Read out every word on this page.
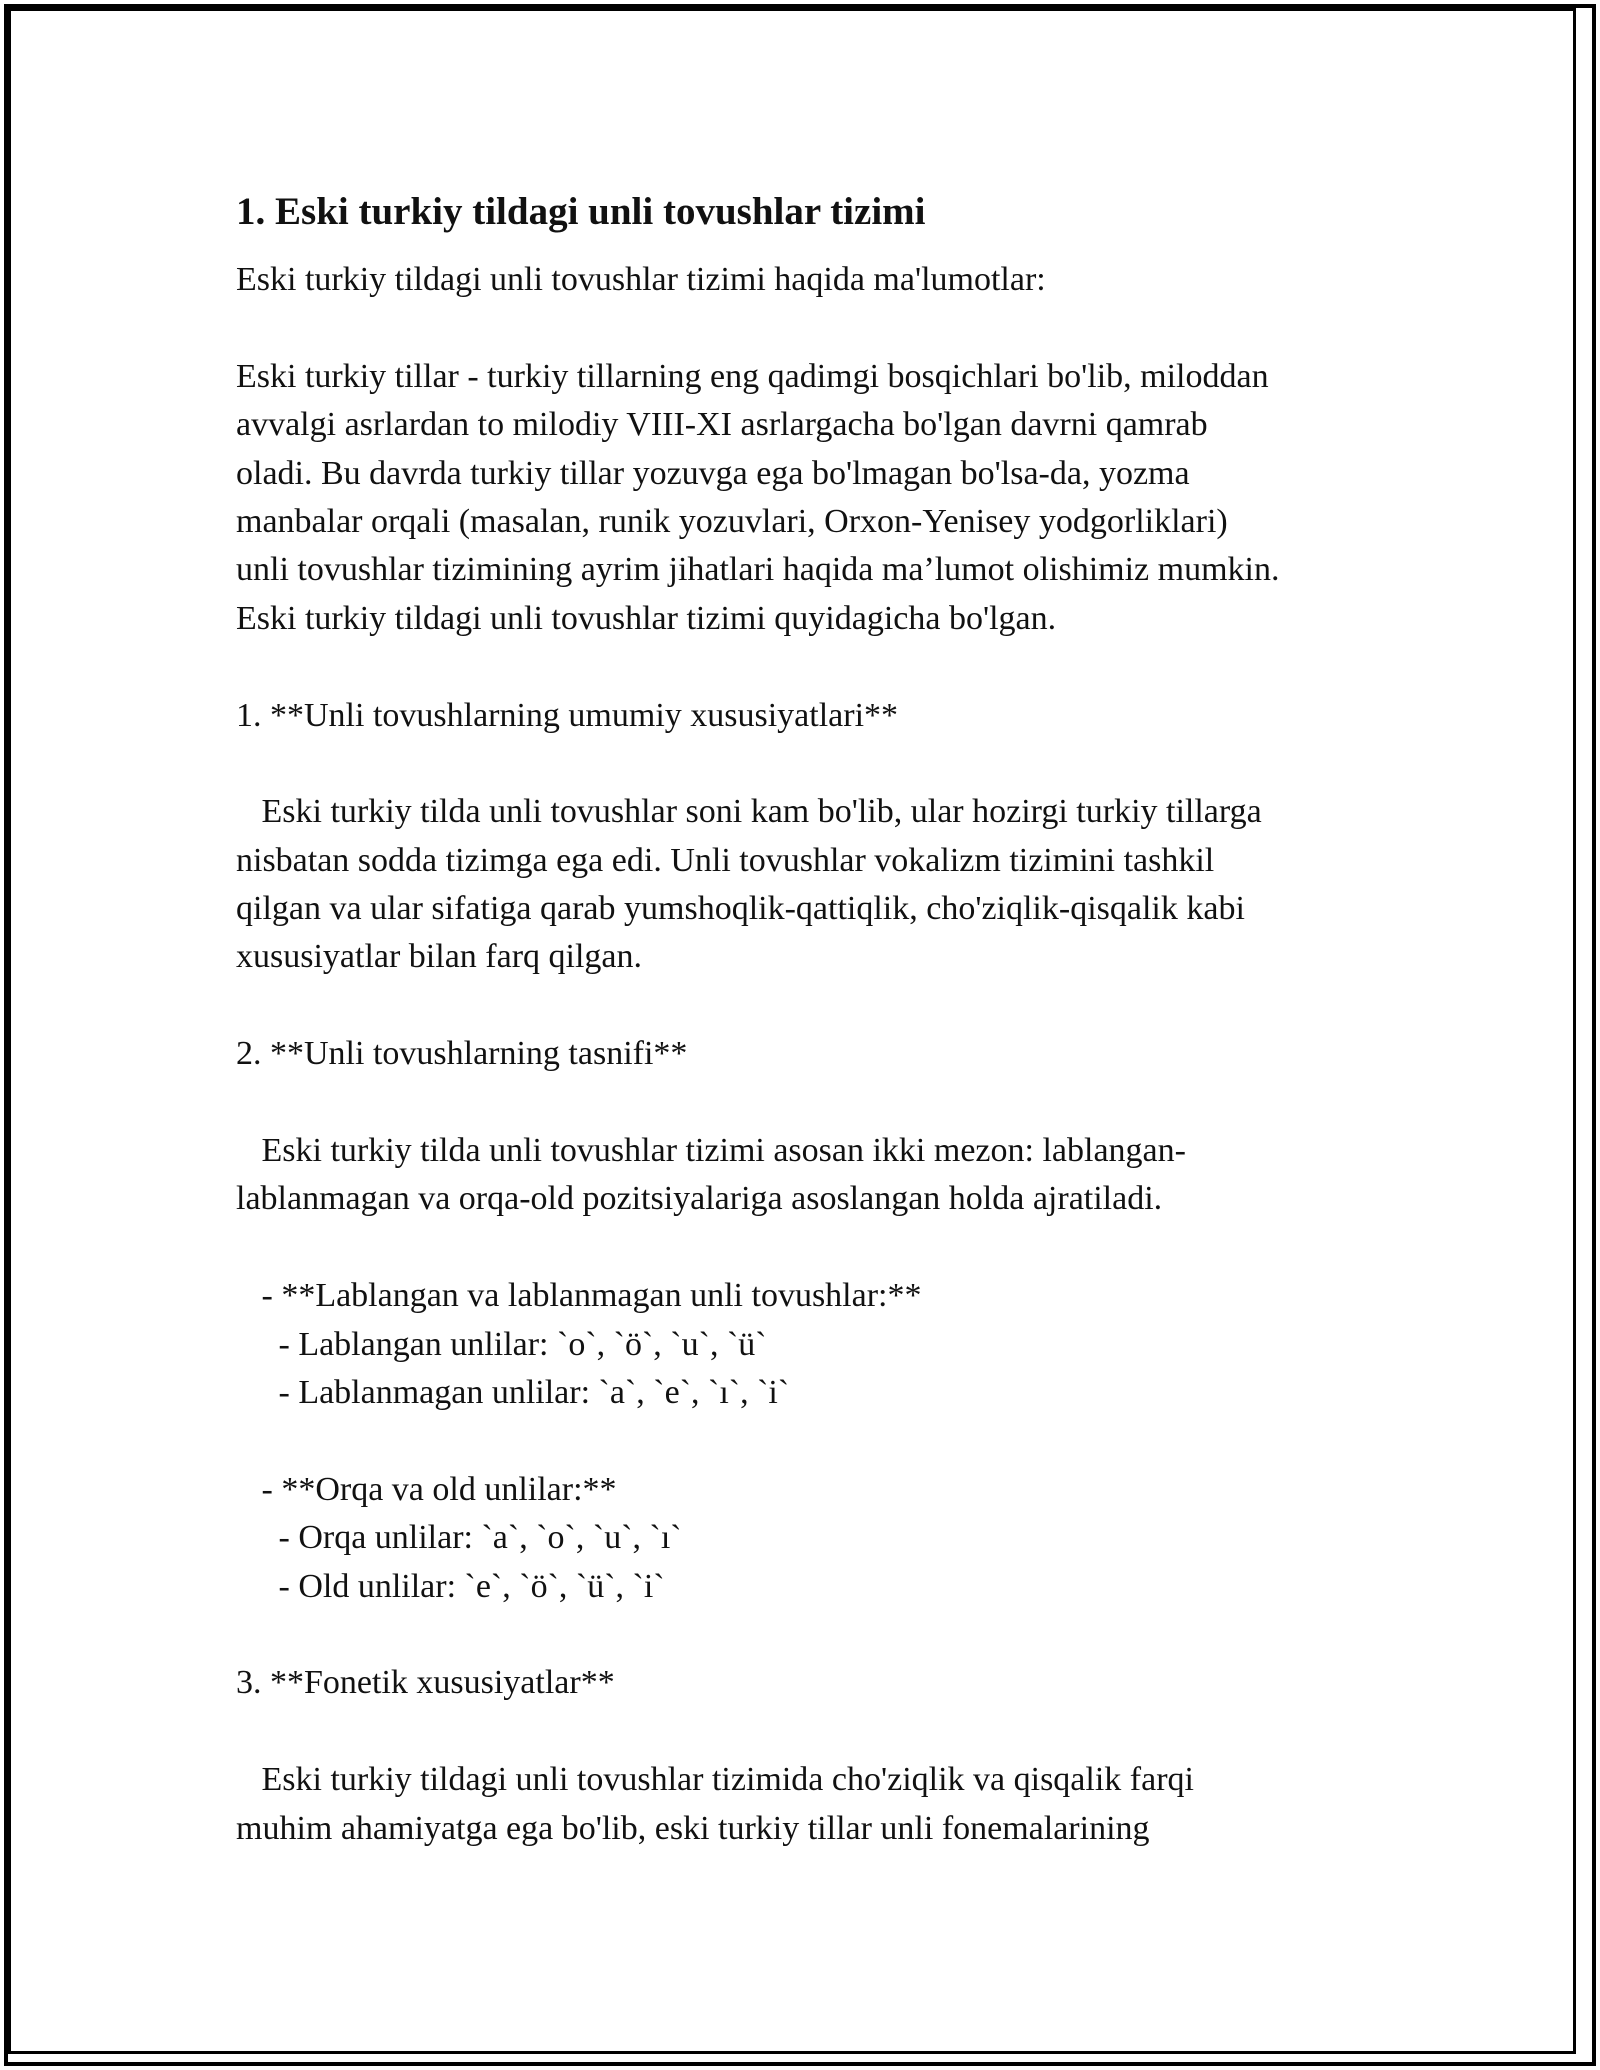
1. Eski turkiy tildagi unli tovushlar tizimi
Eski turkiy tildagi unli tovushlar tizimi haqida ma'lumotlar:
Eski turkiy tillar - turkiy tillarning eng qadimgi bosqichlari bo'lib, miloddan
avvalgi asrlardan to milodiy VIII-XI asrlargacha bo'lgan davrni qamrab
oladi. Bu davrda turkiy tillar yozuvga ega bo'lmagan bo'lsa-da, yozma
manbalar orqali (masalan, runik yozuvlari, Orxon-Yenisey yodgorliklari)
unli tovushlar tizimining ayrim jihatlari haqida ma’lumot olishimiz mumkin.
Eski turkiy tildagi unli tovushlar tizimi quyidagicha bo'lgan.
1. **Unli tovushlarning umumiy xususiyatlari**
Eski turkiy tilda unli tovushlar soni kam bo'lib, ular hozirgi turkiy tillarga
nisbatan sodda tizimga ega edi. Unli tovushlar vokalizm tizimini tashkil
qilgan va ular sifatiga qarab yumshoqlik-qattiqlik, cho'ziqlik-qisqalik kabi
xususiyatlar bilan farq qilgan.
2. **Unli tovushlarning tasnifi**
Eski turkiy tilda unli tovushlar tizimi asosan ikki mezon: lablangan-
lablanmagan va orqa-old pozitsiyalariga asoslangan holda ajratiladi.
- **Lablangan va lablanmagan unli tovushlar:**
- Lablangan unlilar: `o`, `ö`, `u`, `ü`
- Lablanmagan unlilar: `a`, `e`, `ı`, `i`
- **Orqa va old unlilar:**
- Orqa unlilar: `a`, `o`, `u`, `ı`
- Old unlilar: `e`, `ö`, `ü`, `i`
3. **Fonetik xususiyatlar**
Eski turkiy tildagi unli tovushlar tizimida cho'ziqlik va qisqalik farqi
muhim ahamiyatga ega bo'lib, eski turkiy tillar unli fonemalarining
